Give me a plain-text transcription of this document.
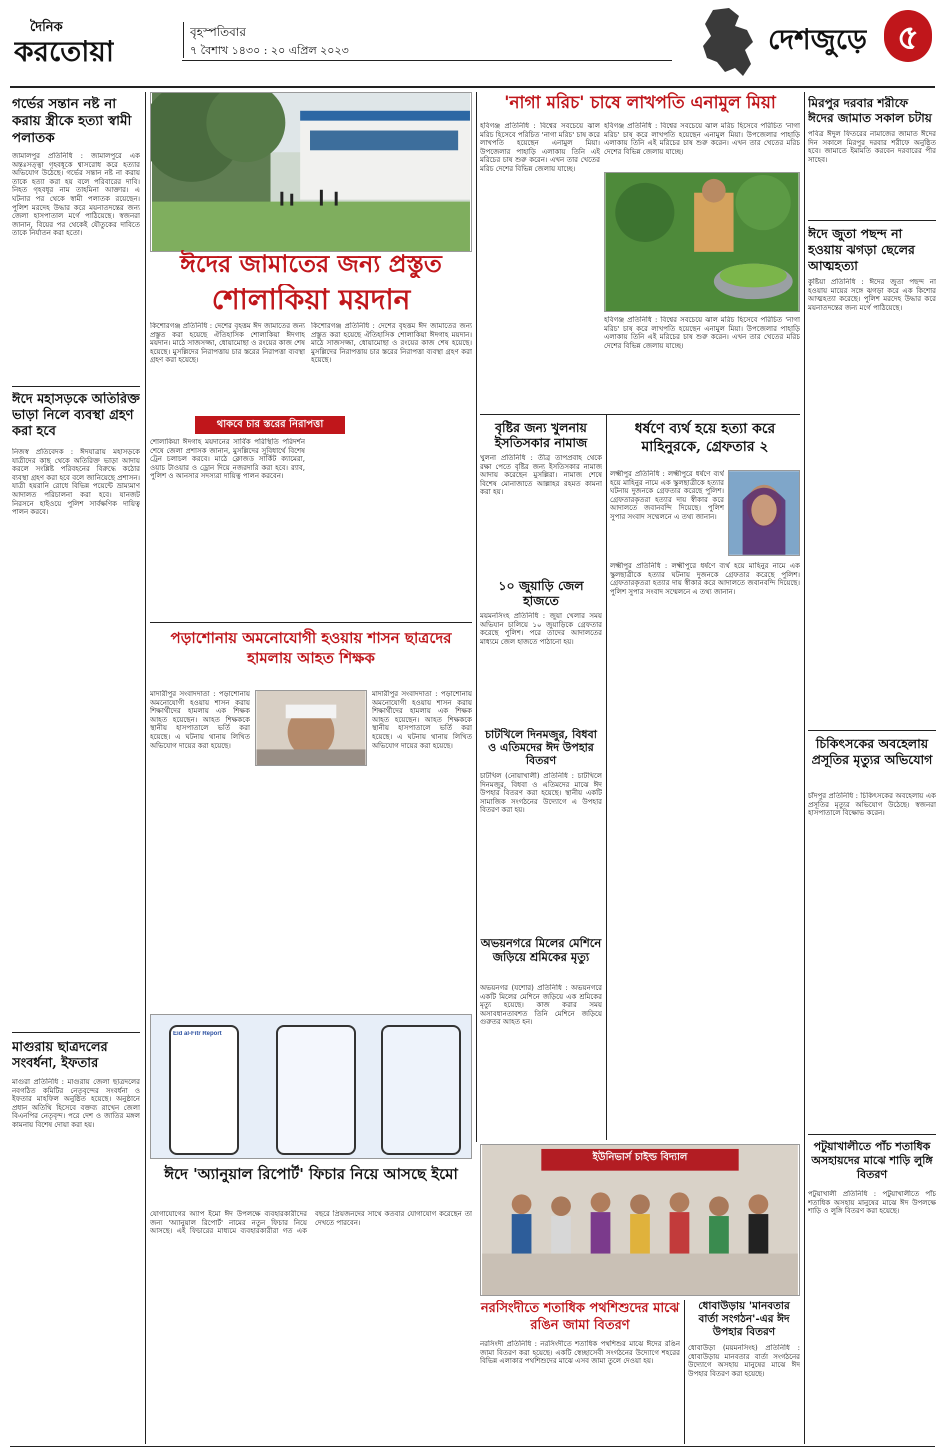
দৈনিক
করতোয়া
বৃহস্পতিবার
৭ বৈশাখ ১৪৩০ : ২০ এপ্রিল ২০২৩	দেশজুড়ে ৫
গর্ভের সন্তান নষ্ট না করায় স্ত্রীকে হত্যা স্বামী পলাতক
জামালপুর প্রতিনিধি : জামালপুরে এক অন্তঃসত্ত্বা গৃহবধূকে শ্বাসরোধ করে হত্যার অভিযোগ উঠেছে। গর্ভের সন্তান নষ্ট না করায় তাকে হত্যা করা হয় বলে পরিবারের দাবি। নিহত গৃহবধূর নাম তাহমিনা আক্তার। এ ঘটনার পর থেকে স্বামী পলাতক রয়েছেন। পুলিশ মরদেহ উদ্ধার করে ময়নাতদন্তের জন্য জেলা হাসপাতাল মর্গে পাঠিয়েছে। স্বজনরা জানান, বিয়ের পর থেকেই যৌতুকের দাবিতে তাকে নির্যাতন করা হতো।
ঈদে মহাসড়কে অতিরিক্ত ভাড়া নিলে ব্যবস্থা গ্রহণ করা হবে
নিজস্ব প্রতিবেদক : ঈদযাত্রায় মহাসড়কে যাত্রীদের কাছ থেকে অতিরিক্ত ভাড়া আদায় করলে সংশ্লিষ্ট পরিবহনের বিরুদ্ধে কঠোর ব্যবস্থা গ্রহণ করা হবে বলে জানিয়েছে প্রশাসন। যাত্রী হয়রানি রোধে বিভিন্ন পয়েন্টে ভ্রাম্যমাণ আদালত পরিচালনা করা হবে। যানজট নিরসনে হাইওয়ে পুলিশ সার্বক্ষণিক দায়িত্ব পালন করবে।
মাগুরায় ছাত্রদলের সংবর্ধনা, ইফতার
মাগুরা প্রতিনিধি : মাগুরায় জেলা ছাত্রদলের নবগঠিত কমিটির নেতৃবৃন্দের সংবর্ধনা ও ইফতার মাহফিল অনুষ্ঠিত হয়েছে। অনুষ্ঠানে প্রধান অতিথি হিসেবে বক্তব্য রাখেন জেলা বিএনপির নেতৃবৃন্দ। পরে দেশ ও জাতির মঙ্গল কামনায় বিশেষ দোয়া করা হয়।
ঈদের জামাতের জন্য প্রস্তুত
শোলাকিয়া ময়দান
কিশোরগঞ্জ প্রতিনিধি : দেশের বৃহত্তম ঈদ জামাতের জন্য প্রস্তুত করা হয়েছে ঐতিহাসিক শোলাকিয়া ঈদগাহ ময়দান। মাঠে সাজসজ্জা, ধোয়ামোছা ও রংয়ের কাজ শেষ হয়েছে। মুসল্লিদের নিরাপত্তায় চার স্তরের নিরাপত্তা ব্যবস্থা গ্রহণ করা হয়েছে।
থাকবে চার স্তরের নিরাপত্তা
শোলাকিয়া ঈদগাহ ময়দানের সার্বিক পরিস্থিতি পরিদর্শন শেষে জেলা প্রশাসক জানান, মুসল্লিদের সুবিধার্থে বিশেষ ট্রেন চলাচল করবে। মাঠে ক্লোজড সার্কিট ক্যামেরা, ওয়াচ টাওয়ার ও ড্রোন দিয়ে নজরদারি করা হবে। র‍্যাব, পুলিশ ও আনসার সদস্যরা দায়িত্ব পালন করবেন।
কিশোরগঞ্জ প্রতিনিধি : দেশের বৃহত্তম ঈদ জামাতের জন্য প্রস্তুত করা হয়েছে ঐতিহাসিক শোলাকিয়া ঈদগাহ ময়দান। মাঠে সাজসজ্জা, ধোয়ামোছা ও রংয়ের কাজ শেষ হয়েছে। মুসল্লিদের নিরাপত্তায় চার স্তরের নিরাপত্তা ব্যবস্থা গ্রহণ করা হয়েছে।
পড়াশোনায় অমনোযোগী হওয়ায় শাসন ছাত্রদের হামলায় আহত শিক্ষক
মাদারীপুর সংবাদদাতা : পড়াশোনায় অমনোযোগী হওয়ায় শাসন করায় শিক্ষার্থীদের হামলায় এক শিক্ষক আহত হয়েছেন। আহত শিক্ষককে স্থানীয় হাসপাতালে ভর্তি করা হয়েছে। এ ঘটনায় থানায় লিখিত অভিযোগ দায়ের করা হয়েছে।
মাদারীপুর সংবাদদাতা : পড়াশোনায় অমনোযোগী হওয়ায় শাসন করায় শিক্ষার্থীদের হামলায় এক শিক্ষক আহত হয়েছেন। আহত শিক্ষককে স্থানীয় হাসপাতালে ভর্তি করা হয়েছে। এ ঘটনায় থানায় লিখিত অভিযোগ দায়ের করা হয়েছে।
Eid al-Fitr Report
ঈদে 'অ্যানুয়াল রিপোর্ট' ফিচার নিয়ে আসছে ইমো
যোগাযোগের অ্যাপ ইমো ঈদ উপলক্ষে ব্যবহারকারীদের জন্য 'অ্যানুয়াল রিপোর্ট' নামের নতুন ফিচার নিয়ে আসছে। এই ফিচারের মাধ্যমে ব্যবহারকারীরা গত এক বছরে প্রিয়জনদের সাথে কতবার যোগাযোগ করেছেন তা দেখতে পারবেন।
'নাগা মরিচ' চাষে লাখপতি এনামুল মিয়া
হবিগঞ্জ প্রতিনিধি : বিশ্বের সবচেয়ে ঝাল মরিচ হিসেবে পরিচিত 'নাগা মরিচ' চাষ করে লাখপতি হয়েছেন এনামুল মিয়া। উপজেলার পাহাড়ি এলাকায় তিনি এই মরিচের চাষ শুরু করেন। এখন তার খেতের মরিচ দেশের বিভিন্ন জেলায় যাচ্ছে।
হবিগঞ্জ প্রতিনিধি : বিশ্বের সবচেয়ে ঝাল মরিচ হিসেবে পরিচিত 'নাগা মরিচ' চাষ করে লাখপতি হয়েছেন এনামুল মিয়া। উপজেলার পাহাড়ি এলাকায় তিনি এই মরিচের চাষ শুরু করেন। এখন তার খেতের মরিচ দেশের বিভিন্ন জেলায় যাচ্ছে।
হবিগঞ্জ প্রতিনিধি : বিশ্বের সবচেয়ে ঝাল মরিচ হিসেবে পরিচিত 'নাগা মরিচ' চাষ করে লাখপতি হয়েছেন এনামুল মিয়া। উপজেলার পাহাড়ি এলাকায় তিনি এই মরিচের চাষ শুরু করেন। এখন তার খেতের মরিচ দেশের বিভিন্ন জেলায় যাচ্ছে।
বৃষ্টির জন্য খুলনায় ইসতিসকার নামাজ
খুলনা প্রতিনিধি : তীব্র তাপপ্রবাহ থেকে রক্ষা পেতে বৃষ্টির জন্য ইসতিসকার নামাজ আদায় করেছেন মুসল্লিরা। নামাজ শেষে বিশেষ মোনাজাতে আল্লাহর রহমত কামনা করা হয়।
১০ জুয়াড়ি জেল হাজতে
ময়মনসিংহ প্রতিনিধি : জুয়া খেলার সময় অভিযান চালিয়ে ১০ জুয়াড়িকে গ্রেফতার করেছে পুলিশ। পরে তাদের আদালতের মাধ্যমে জেল হাজতে পাঠানো হয়।
চাটখিলে দিনমজুর, বিধবা ও এতিমদের ঈদ উপহার বিতরণ
চাটখিল (নোয়াখালী) প্রতিনিধি : চাটখিলে দিনমজুর, বিধবা ও এতিমদের মাঝে ঈদ উপহার বিতরণ করা হয়েছে। স্থানীয় একটি সামাজিক সংগঠনের উদ্যোগে এ উপহার বিতরণ করা হয়।
অভয়নগরে মিলের মেশিনে জড়িয়ে শ্রমিকের মৃত্যু
অভয়নগর (যশোর) প্রতিনিধি : অভয়নগরে একটি মিলের মেশিনে জড়িয়ে এক শ্রমিকের মৃত্যু হয়েছে। কাজ করার সময় অসাবধানতাবশত তিনি মেশিনে জড়িয়ে গুরুতর আহত হন।
ধর্ষণে ব্যর্থ হয়ে হত্যা করে মাহিনুরকে, গ্রেফতার ২
লক্ষ্মীপুর প্রতিনিধি : লক্ষ্মীপুরে ধর্ষণে ব্যর্থ হয়ে মাহিনুর নামে এক স্কুলছাত্রীকে হত্যার ঘটনায় দুজনকে গ্রেফতার করেছে পুলিশ। গ্রেফতারকৃতরা হত্যার দায় স্বীকার করে আদালতে জবানবন্দি দিয়েছে। পুলিশ সুপার সংবাদ সম্মেলনে এ তথ্য জানান।
লক্ষ্মীপুর প্রতিনিধি : লক্ষ্মীপুরে ধর্ষণে ব্যর্থ হয়ে মাহিনুর নামে এক স্কুলছাত্রীকে হত্যার ঘটনায় দুজনকে গ্রেফতার করেছে পুলিশ। গ্রেফতারকৃতরা হত্যার দায় স্বীকার করে আদালতে জবানবন্দি দিয়েছে। পুলিশ সুপার সংবাদ সম্মেলনে এ তথ্য জানান।
মিরপুর দরবার শরীফে ঈদের জামাত সকাল চটায়
পবিত্র ঈদুল ফিতরের নামাজের জামাত ঈদের দিন সকালে মিরপুর দরবার শরীফে অনুষ্ঠিত হবে। জামাতে ইমামতি করবেন দরবারের পীর সাহেব।
ঈদে জুতা পছন্দ না হওয়ায় ঝগড়া ছেলের আত্মহত্যা
কুষ্টিয়া প্রতিনিধি : ঈদের জুতা পছন্দ না হওয়ায় মায়ের সঙ্গে ঝগড়া করে এক কিশোর আত্মহত্যা করেছে। পুলিশ মরদেহ উদ্ধার করে ময়নাতদন্তের জন্য মর্গে পাঠিয়েছে।
চিকিৎসকের অবহেলায় প্রসূতির মৃত্যুর অভিযোগ
চাঁদপুর প্রতিনিধি : চিকিৎসকের অবহেলায় এক প্রসূতির মৃত্যুর অভিযোগ উঠেছে। স্বজনরা হাসপাতালে বিক্ষোভ করেন।
পটুয়াখালীতে পাঁচ শতাধিক অসহায়দের মাঝে শাড়ি লুঙ্গি বিতরণ
পটুয়াখালী প্রতিনিধি : পটুয়াখালীতে পাঁচ শতাধিক অসহায় মানুষের মাঝে ঈদ উপলক্ষে শাড়ি ও লুঙ্গি বিতরণ করা হয়েছে।
ইউনিভার্স চাইল্ড বিদ্যাল
নরসিংদীতে শতাধিক পথশিশুদের মাঝে রঙিন জামা বিতরণ
নরসিংদী প্রতিনিধি : নরসিংদীতে শতাধিক পথশিশুর মাঝে ঈদের রঙিন জামা বিতরণ করা হয়েছে। একটি স্বেচ্ছাসেবী সংগঠনের উদ্যোগে শহরের বিভিন্ন এলাকার পথশিশুদের মাঝে এসব জামা তুলে দেওয়া হয়।
ধোবাউড়ায় 'মানবতার বার্তা সংগঠন'-এর ঈদ উপহার বিতরণ
ধোবাউড়া (ময়মনসিংহ) প্রতিনিধি : ধোবাউড়ায় মানবতার বার্তা সংগঠনের উদ্যোগে অসহায় মানুষের মাঝে ঈদ উপহার বিতরণ করা হয়েছে।
